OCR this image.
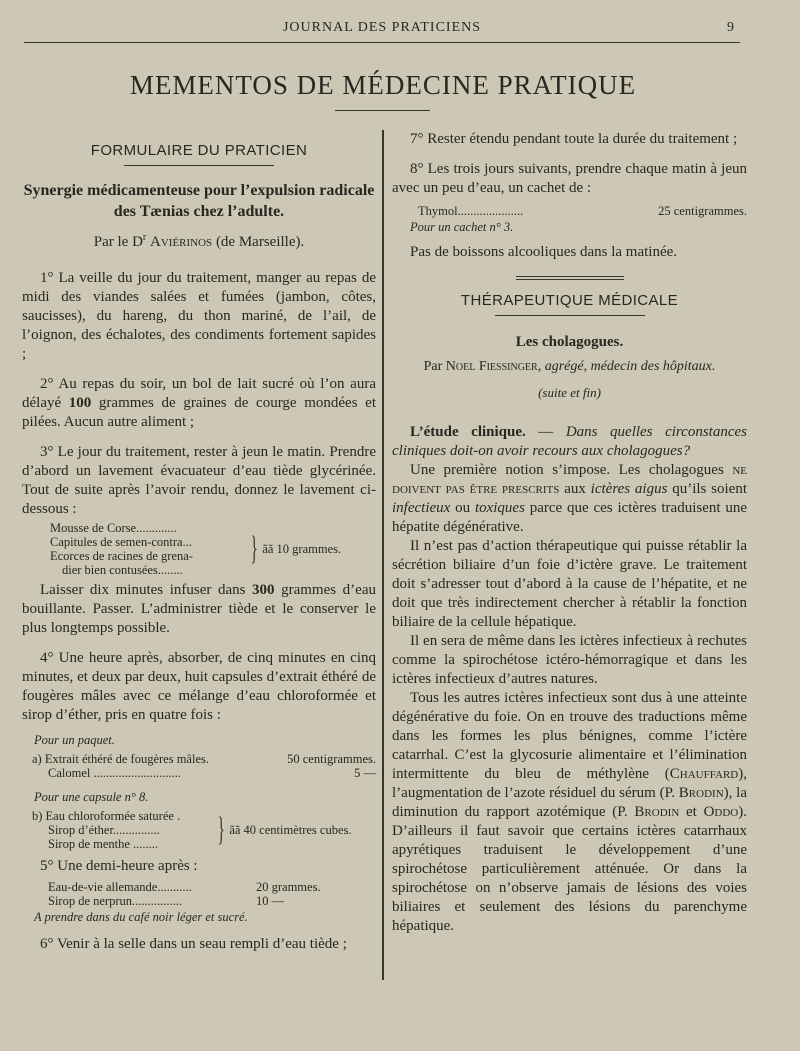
JOURNAL DES PRATICIENS	9
MEMENTOS DE MÉDECINE PRATIQUE
FORMULAIRE DU PRATICIEN
Synergie médicamenteuse pour l’expulsion radicale des Tænias chez l’adulte.
Par le $D^r$ Aviérinos (de Marseille).

1° La veille du jour du traitement, manger au repas de midi des viandes salées et fumées (jambon, côtes, saucisses), du hareng, du thon mariné, de l’ail, de l’oignon, des échalotes, des condiments fortement sapides ;

2° Au repas du soir, un bol de lait sucré où l’on aura délayé 100 grammes de graines de courge mondées et pilées. Aucun autre aliment ;

3° Le jour du traitement, rester à jeun le matin. Prendre d’abord un lavement évacuateur d’eau tiède glycérinée. Tout de suite après l’avoir rendu, donnez le lavement ci-dessous :

Mousse de Corse.............
Capitules de semen-contra...
Ecorces de racines de grena-
dier bien contusées........
} ãã 10 grammes.

Laisser dix minutes infuser dans 300 grammes d’eau bouillante. Passer. L’administrer tiède et le conserver le plus longtemps possible.

4° Une heure après, absorber, de cinq minutes en cinq minutes, et deux par deux, huit capsules d’extrait éthéré de fougères mâles avec ce mélange d’eau chloroformée et sirop d’éther, pris en quatre fois :

Pour un paquet.
a) Extrait éthéré de fougères mâles.	50 centigrammes.
Calomel ............................	5 —
Pour une capsule n° 8.
b) Eau chloroformée saturée .
Sirop d’éther...............
Sirop de menthe ........	} ãã 40 centimètres cubes.

5° Une demi-heure après :

Eau-de-vie allemande...........	20 grammes.
Sirop de nerprun................	10 —
A prendre dans du café noir léger et sucré.

6° Venir à la selle dans un seau rempli d’eau tiède ;

7° Rester étendu pendant toute la durée du traitement ;

8° Les trois jours suivants, prendre chaque matin à jeun avec un peu d’eau, un cachet de :

Thymol.....................	25 centigrammes.
Pour un cachet n° 3.

Pas de boissons alcooliques dans la matinée.

THÉRAPEUTIQUE MÉDICALE
Les cholagogues.
Par Noel Fiessinger, agrégé, médecin des hôpitaux.
(suite et fin)

L’étude clinique. — Dans quelles circonstances cliniques doit-on avoir recours aux cholagogues?

Une première notion s’impose. Les cholagogues ne doivent pas être prescrits aux ictères aigus qu’ils soient infectieux ou toxiques parce que ces ictères traduisent une hépatite dégénérative.

Il n’est pas d’action thérapeutique qui puisse rétablir la sécrétion biliaire d’un foie d’ictère grave. Le traitement doit s’adresser tout d’abord à la cause de l’hépatite, et ne doit que très indirectement chercher à rétablir la fonction biliaire de la cellule hépatique.

Il en sera de même dans les ictères infectieux à rechutes comme la spirochétose ictéro-hémorragique et dans les ictères infectieux d’autres natures.

Tous les autres ictères infectieux sont dus à une atteinte dégénérative du foie. On en trouve des traductions même dans les formes les plus bénignes, comme l’ictère catarrhal. C’est la glycosurie alimentaire et l’élimination intermittente du bleu de méthylène (Chauffard), l’augmentation de l’azote résiduel du sérum (P. Brodin), la diminution du rapport azotémique (P. Brodin et Oddo). D’ailleurs il faut savoir que certains ictères catarrhaux apyrétiques traduisent le développement d’une spirochétose particulièrement atténuée. Or dans la spirochétose on n’observe jamais de lésions des voies biliaires et seulement des lésions du parenchyme hépatique.
